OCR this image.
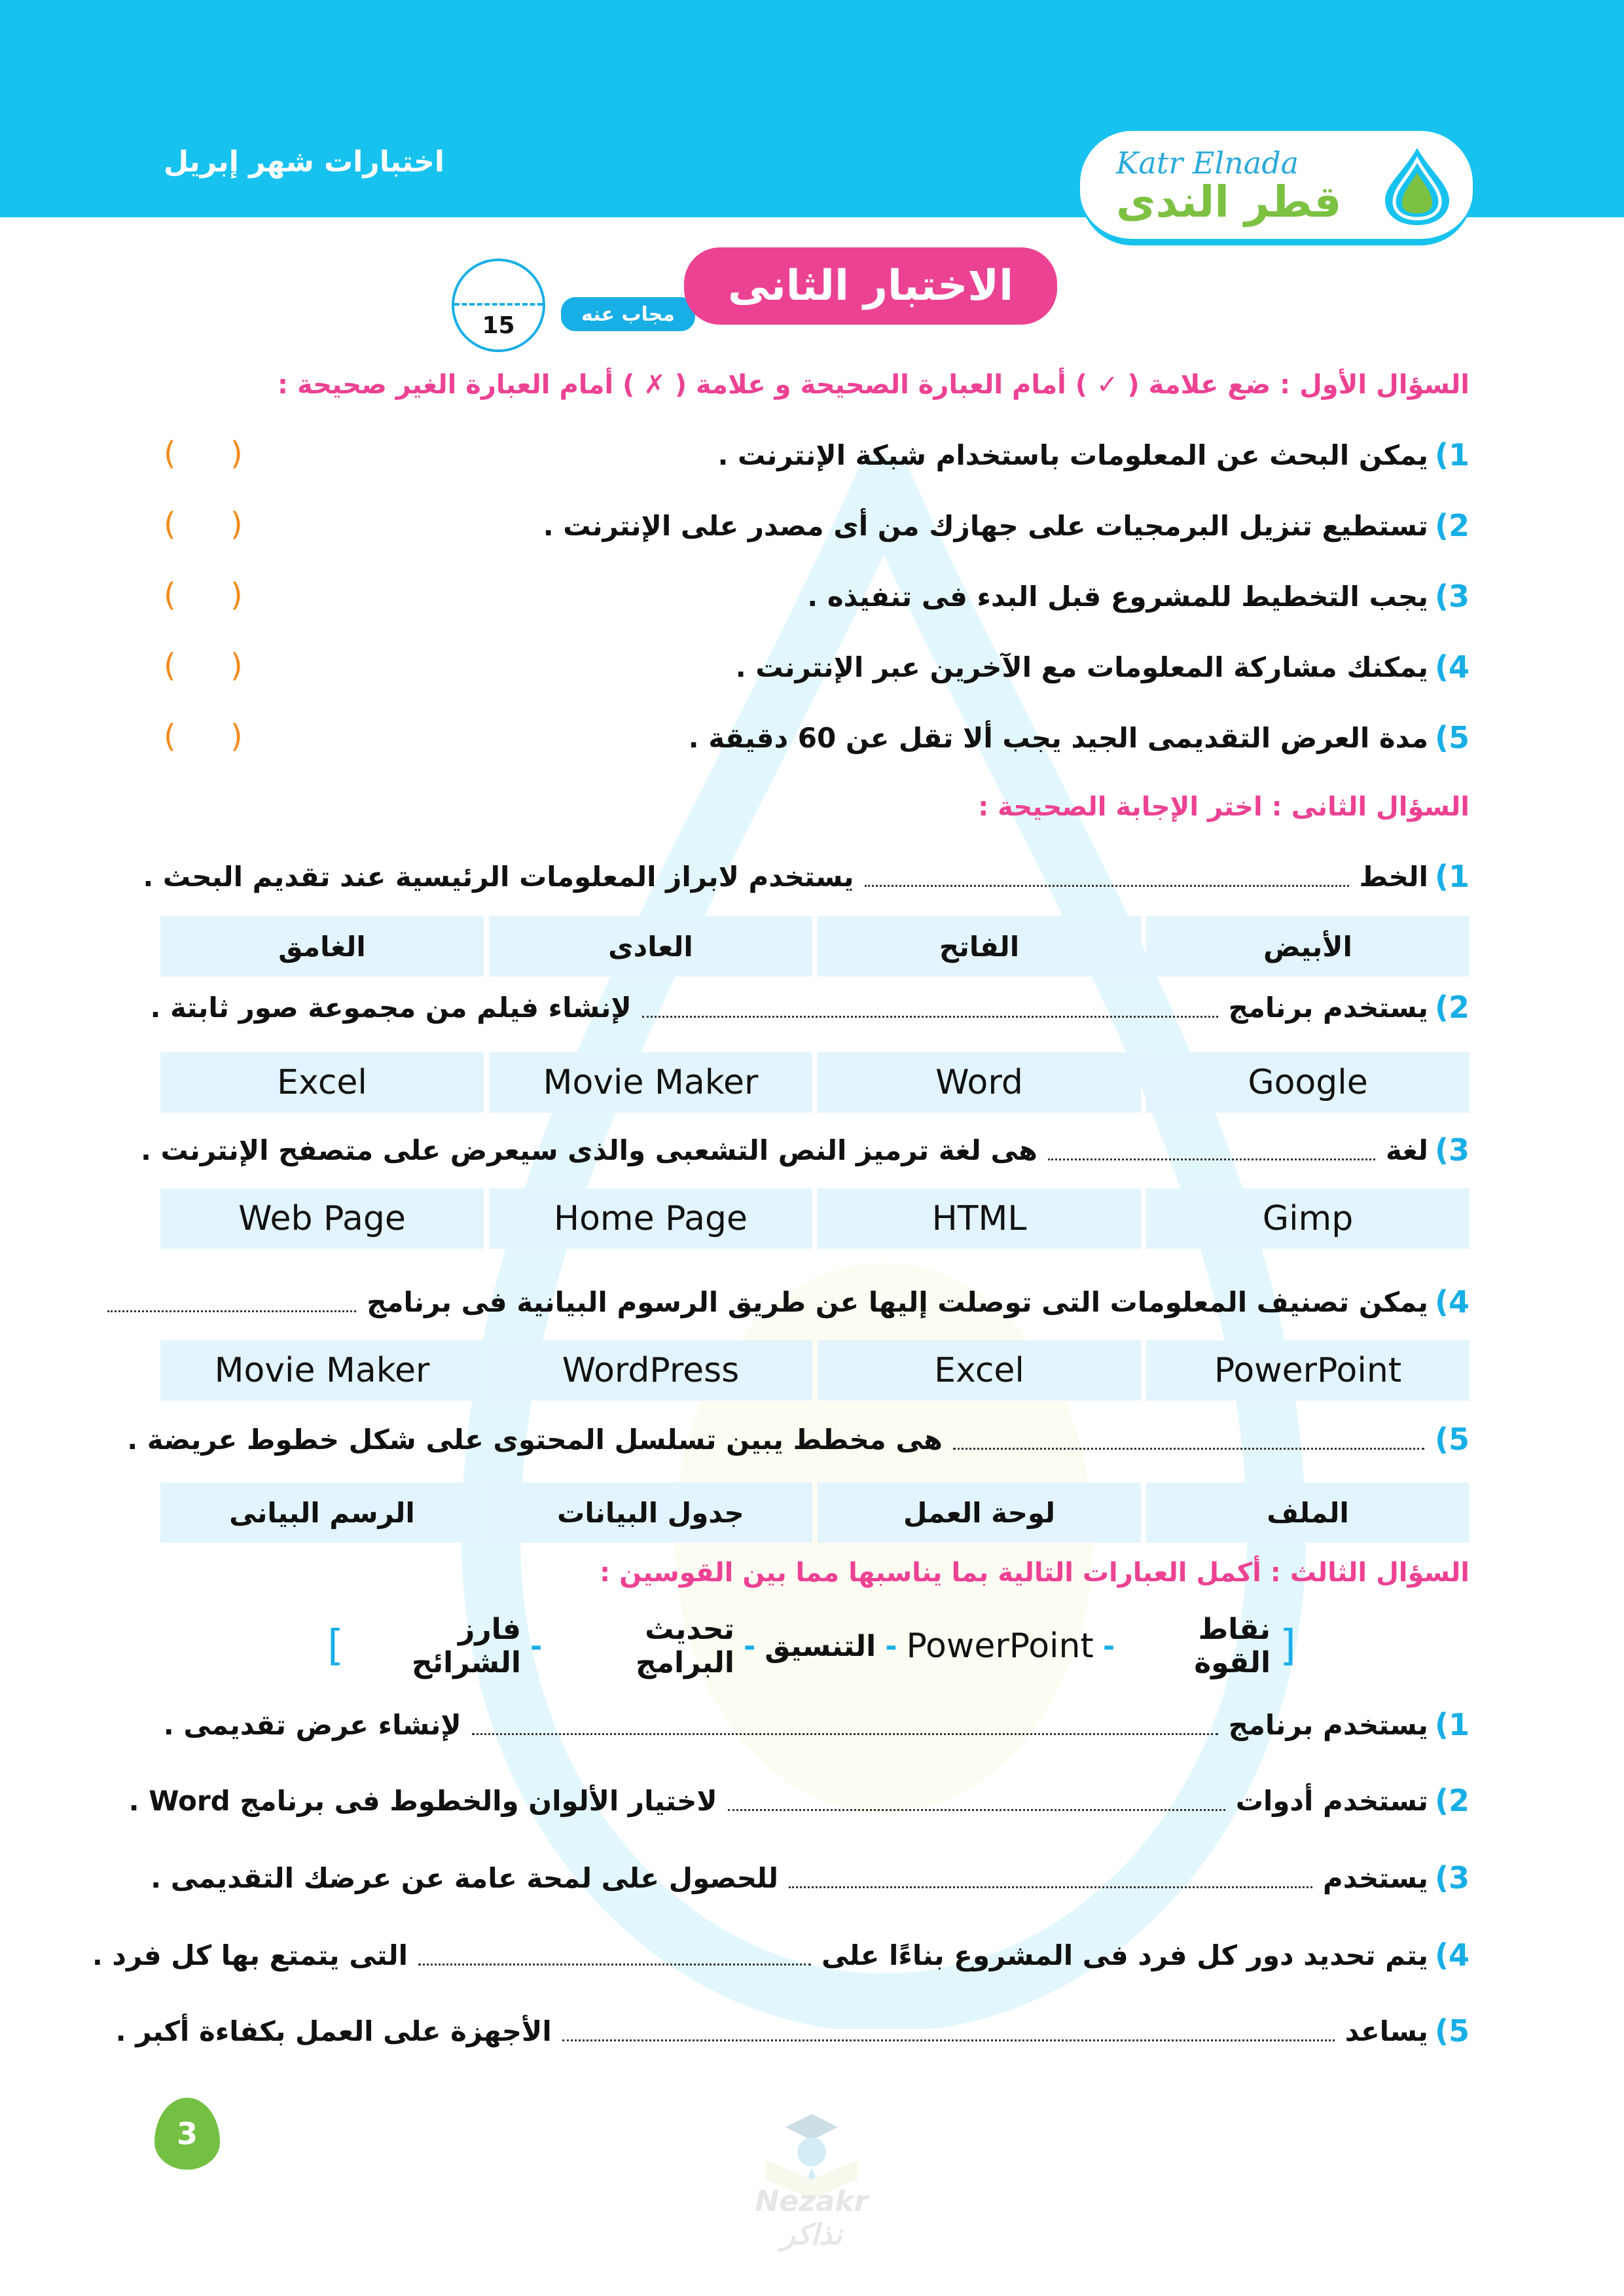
اختبارات شهر إبريل	Katr Elnada
قطر الندى
15	مجاب عنه
الاختبار الثانى
السؤال الأول : ضع علامة ( ✓ ) أمام العبارة الصحيحة و علامة ( ✗ ) أمام العبارة الغير صحيحة :
1)
يمكن البحث عن المعلومات باستخدام شبكة الإنترنت .
( )
2)
تستطيع تنزيل البرمجيات على جهازك من أى مصدر على الإنترنت .
( )
3)
يجب التخطيط للمشروع قبل البدء فى تنفيذه .
( )
4)
يمكنك مشاركة المعلومات مع الآخرين عبر الإنترنت .
( )
5)
مدة العرض التقديمى الجيد يجب ألا تقل عن 60 دقيقة .
( )
السؤال الثانى : اختر الإجابة الصحيحة :
1)
الخط
يستخدم لابراز المعلومات الرئيسية عند تقديم البحث .
الأبيض
الفاتح
العادى
الغامق
2)
يستخدم برنامج
لإنشاء فيلم من مجموعة صور ثابتة .
Google
Word
Movie Maker
Excel
3)
لغة
هى لغة ترميز النص التشعبى والذى سيعرض على متصفح الإنترنت .
Gimp
HTML
Home Page
Web Page
4)
يمكن تصنيف المعلومات التى توصلت إليها عن طريق الرسوم البيانية فى برنامج
PowerPoint
Excel
WordPress
Movie Maker
5)
هى مخطط يبين تسلسل المحتوى على شكل خطوط عريضة .
الملف
لوحة العمل
جدول البيانات
الرسم البيانى
السؤال الثالث : أكمل العبارات التالية بما يناسبها مما بين القوسين :
[
نقاط القوة
-
PowerPoint
-
التنسيق
-
تحديث البرامج
-
فارز الشرائح
]
1)
يستخدم برنامج
لإنشاء عرض تقديمى .
2)
تستخدم أدوات
لاختيار الألوان والخطوط فى برنامج Word .
3)
يستخدم
للحصول على لمحة عامة عن عرضك التقديمى .
4)
يتم تحديد دور كل فرد فى المشروع بناءًا على
التى يتمتع بها كل فرد .
5)
يساعد
الأجهزة على العمل بكفاءة أكبر .
3
Nezakr نذاكر
